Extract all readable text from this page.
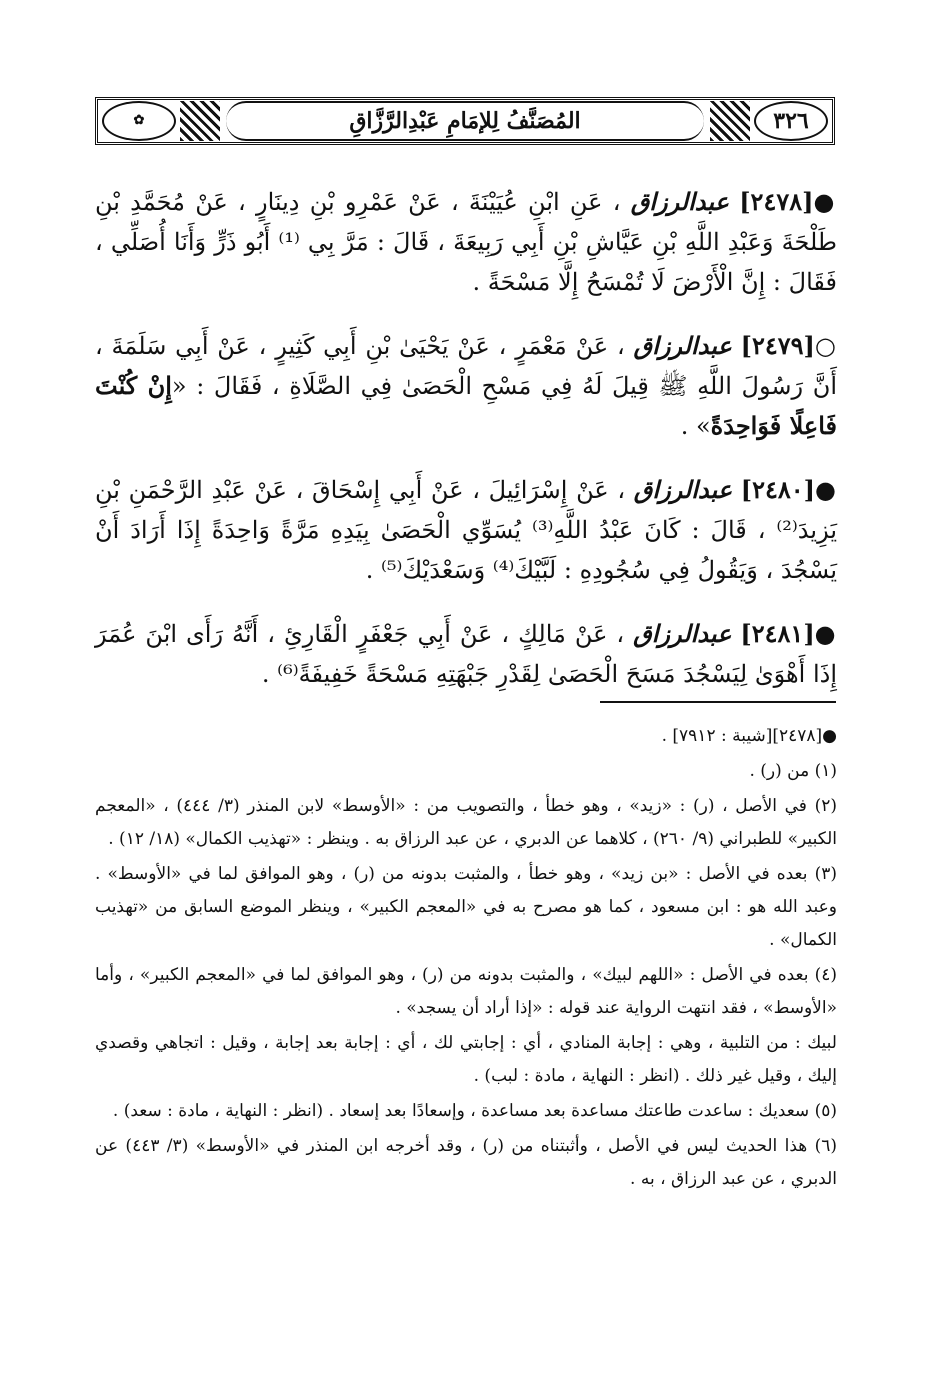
✿	المُصَنَّفُ لِلإمَامِ عَبْدِالرَّزَّاقِ	٣٢٦

●[٢٤٧٨] عبدالرزاق ، عَنِ ابْنِ عُيَيْنَةَ ، عَنْ عَمْرِو بْنِ دِينَارٍ ، عَنْ مُحَمَّدِ بْنِ طَلْحَةَ وَعَبْدِ اللَّهِ بْنِ عَيَّاشِ بْنِ أَبِي رَبِيعَةَ ، قَالَ : مَرَّ بِي ⁽¹⁾ أَبُو ذَرٍّ وَأَنَا أُصَلِّي ، فَقَالَ : إِنَّ الْأَرْضَ لَا تُمْسَحُ إِلَّا مَسْحَةً .

○[٢٤٧٩] عبدالرزاق ، عَنْ مَعْمَرٍ ، عَنْ يَحْيَىٰ بْنِ أَبِي كَثِيرٍ ، عَنْ أَبِي سَلَمَةَ ، أَنَّ رَسُولَ اللَّهِ ﷺ قِيلَ لَهُ فِي مَسْحِ الْحَصَىٰ فِي الصَّلَاةِ ، فَقَالَ : «إِنْ كُنْتَ فَاعِلًا فَوَاحِدَةً» .

●[٢٤٨٠] عبدالرزاق ، عَنْ إِسْرَائِيلَ ، عَنْ أَبِي إِسْحَاقَ ، عَنْ عَبْدِ الرَّحْمَنِ بْنِ يَزِيدَ⁽²⁾ ، قَالَ : كَانَ عَبْدُ اللَّهِ⁽³⁾ يُسَوِّي الْحَصَىٰ بِيَدِهِ مَرَّةً وَاحِدَةً إِذَا أَرَادَ أَنْ يَسْجُدَ ، وَيَقُولُ فِي سُجُودِهِ : لَبَّيْكَ⁽⁴⁾ وَسَعْدَيْكَ⁽⁵⁾ .

●[٢٤٨١] عبدالرزاق ، عَنْ مَالِكٍ ، عَنْ أَبِي جَعْفَرٍ الْقَارِئِ ، أَنَّهُ رَأَى ابْنَ عُمَرَ إِذَا أَهْوَىٰ لِيَسْجُدَ مَسَحَ الْحَصَىٰ لِقَدْرِ جَبْهَتِهِ مَسْحَةً خَفِيفَةً⁽⁶⁾ .

●[٢٤٧٨][شيبة : ٧٩١٢] .
(١) من (ر) .
(٢) في الأصل ، (ر) : «زيد» ، وهو خطأ ، والتصويب من : «الأوسط» لابن المنذر (٣/ ٤٤٤) ، «المعجم الكبير» للطبراني (٩/ ٢٦٠) ، كلاهما عن الدبري ، عن عبد الرزاق به . وينظر : «تهذيب الكمال» (١٨/ ١٢) .
(٣) بعده في الأصل : «بن زيد» ، وهو خطأ ، والمثبت بدونه من (ر) ، وهو الموافق لما في «الأوسط» . وعبد الله هو : ابن مسعود ، كما هو مصرح به في «المعجم الكبير» ، وينظر الموضع السابق من «تهذيب الكمال» .
(٤) بعده في الأصل : «اللهم لبيك» ، والمثبت بدونه من (ر) ، وهو الموافق لما في «المعجم الكبير» ، وأما «الأوسط» ، فقد انتهت الرواية عند قوله : «إذا أراد أن يسجد» .
لبيك : من التلبية ، وهي : إجابة المنادي ، أي : إجابتي لك ، أي : إجابة بعد إجابة ، وقيل : اتجاهي وقصدي إليك ، وقيل غير ذلك . (انظر : النهاية ، مادة : لبب) .
(٥) سعديك : ساعدت طاعتك مساعدة بعد مساعدة ، وإسعادًا بعد إسعاد . (انظر : النهاية ، مادة : سعد) .
(٦) هذا الحديث ليس في الأصل ، وأثبتناه من (ر) ، وقد أخرجه ابن المنذر في «الأوسط» (٣/ ٤٤٣) عن الدبري ، عن عبد الرزاق ، به .
